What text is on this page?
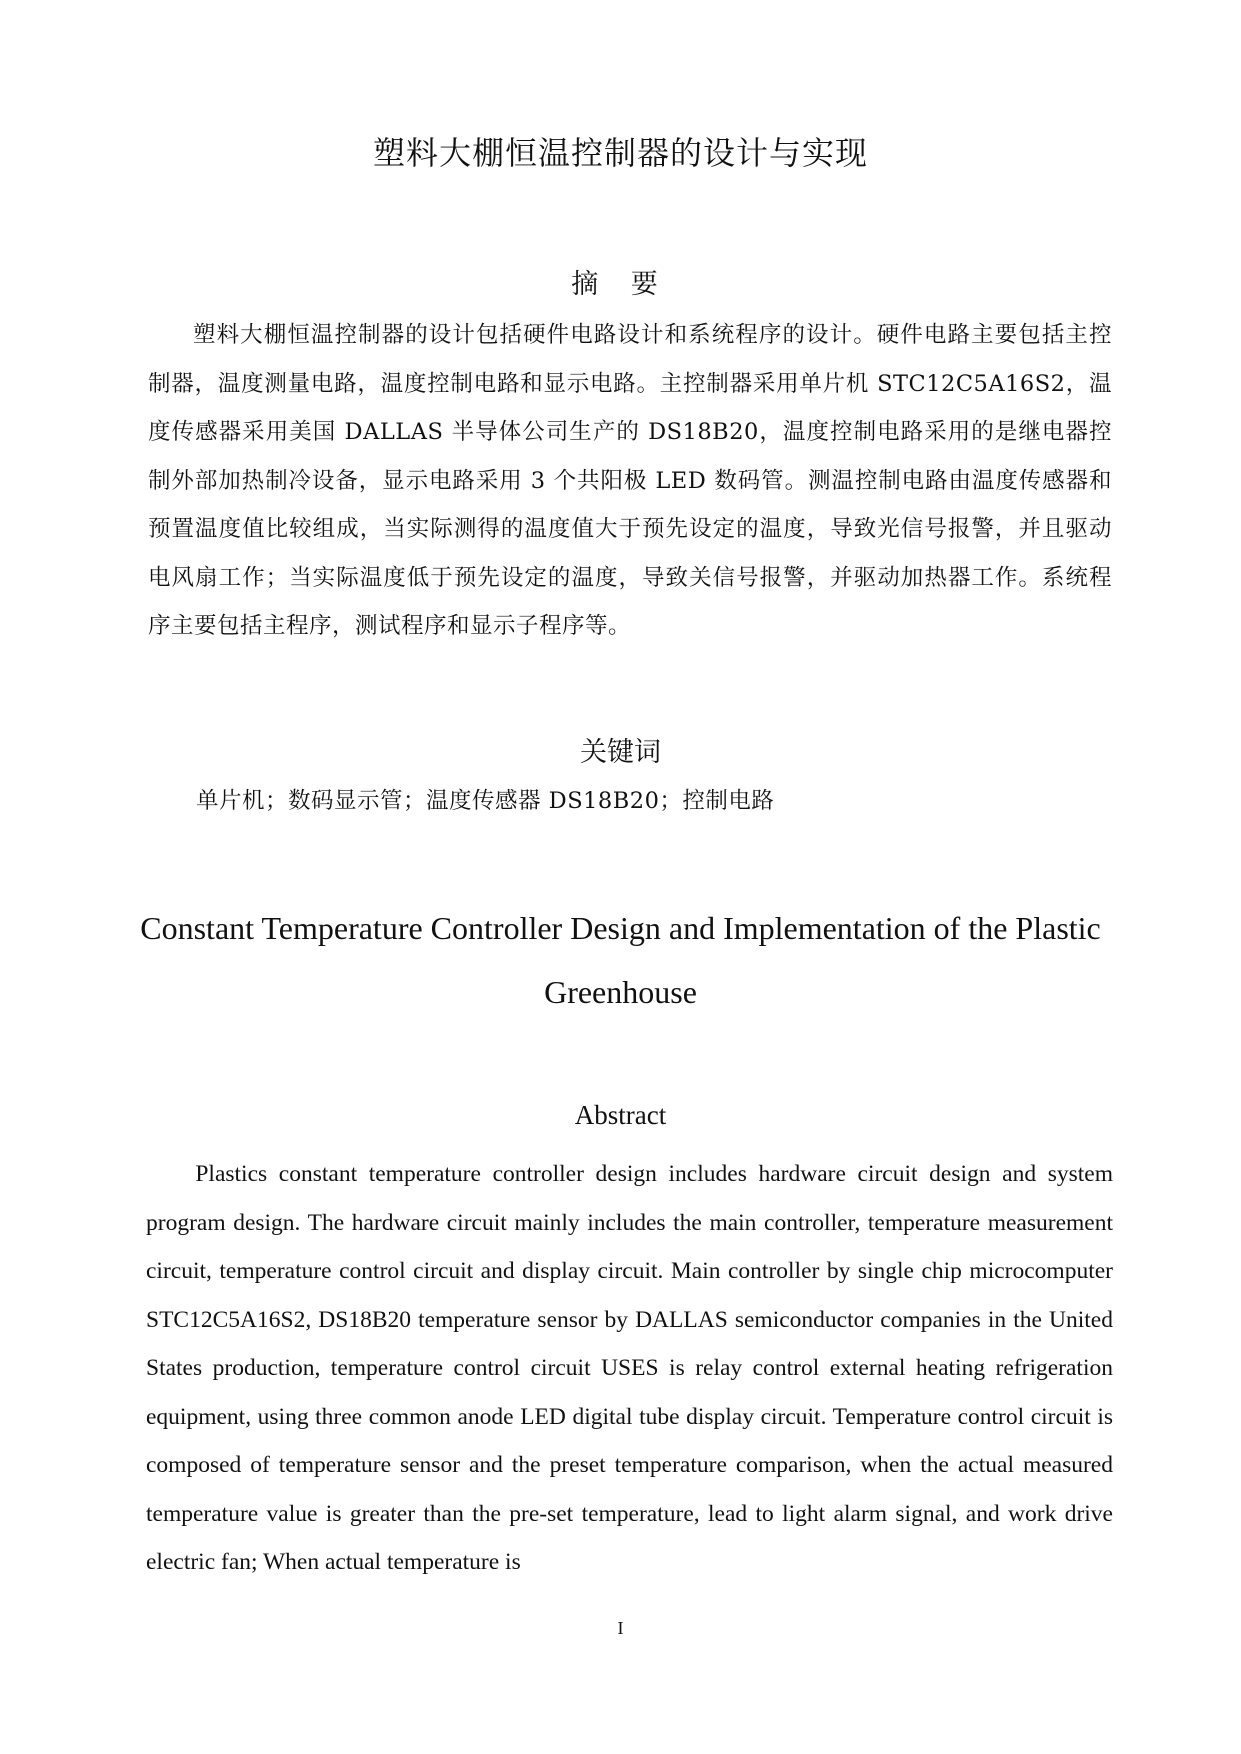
塑料大棚恒温控制器的设计与实现
摘 要
塑料大棚恒温控制器的设计包括硬件电路设计和系统程序的设计。硬件电路主要包括主控制器，温度测量电路，温度控制电路和显示电路。主控制器采用单片机 STC12C5A16S2，温度传感器采用美国 DALLAS 半导体公司生产的 DS18B20，温度控制电路采用的是继电器控制外部加热制冷设备，显示电路采用 3 个共阳极 LED 数码管。测温控制电路由温度传感器和预置温度值比较组成，当实际测得的温度值大于预先设定的温度，导致光信号报警，并且驱动电风扇工作；当实际温度低于预先设定的温度，导致关信号报警，并驱动加热器工作。系统程序主要包括主程序，测试程序和显示子程序等。
关键词
单片机；数码显示管；温度传感器 DS18B20；控制电路
Constant Temperature Controller Design and Implementation of the Plastic Greenhouse
Abstract
Plastics constant temperature controller design includes hardware circuit design and system program design. The hardware circuit mainly includes the main controller, temperature measurement circuit, temperature control circuit and display circuit. Main controller by single chip microcomputer STC12C5A16S2, DS18B20 temperature sensor by DALLAS semiconductor companies in the United States production, temperature control circuit USES is relay control external heating refrigeration equipment, using three common anode LED digital tube display circuit. Temperature control circuit is composed of temperature sensor and the preset temperature comparison, when the actual measured temperature value is greater than the pre-set temperature, lead to light alarm signal, and work drive electric fan; When actual temperature is
I
